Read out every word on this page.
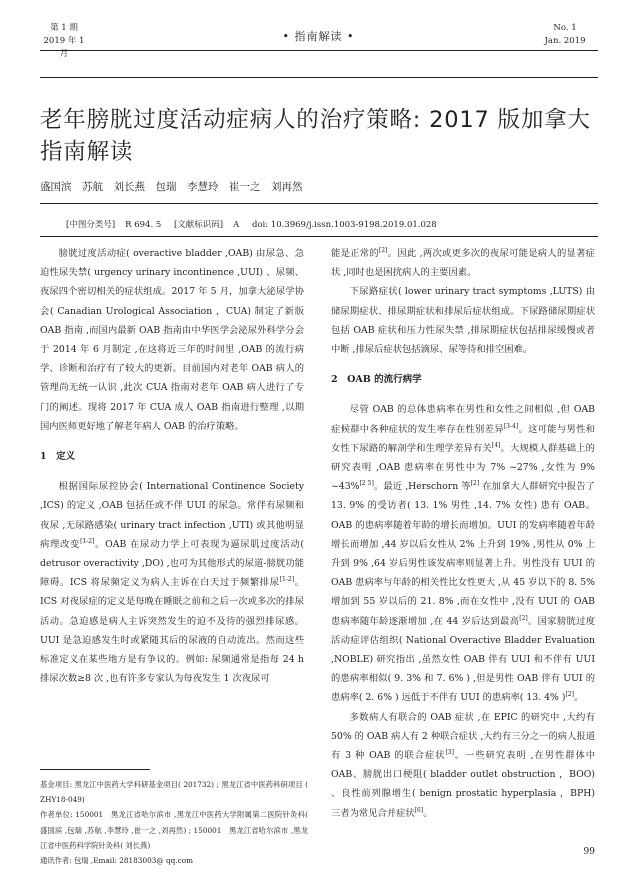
第 1 期
2019 年 1 月
• 指南解读 •
No. 1
Jan. 2019
老年膀胱过度活动症病人的治疗策略: 2017 版加拿大指南解读
盛国滨　苏航　刘长燕　包瑞　李慧玲　崔一之　刘再然
[中图分类号] R 694. 5 [文献标识码] A doi: 10.3969/j.issn.1003-9198.2019.01.028

膀胱过度活动症( overactive bladder ,OAB) 由尿急、急迫性尿失禁( urgency urinary incontinence ,UUI) 、尿频、夜尿四个密切相关的症状组成。2017 年 5 月，加拿大泌尿学协会( Canadian Urological Association ，CUA) 制定了新版 OAB 指南 ,而国内最新 OAB 指南由中华医学会泌尿外科学分会于 2014 年 6 月制定 ,在这将近三年的时间里 ,OAB 的流行病学、诊断和治疗有了较大的更新。目前国内对老年 OAB 病人的管理尚无统一认识 ,此次 CUA 指南对老年 OAB 病人进行了专门的阐述。现将 2017 年 CUA 成人 OAB 指南进行整理 ,以期国内医师更好地了解老年病人 OAB 的治疗策略。

1　定义

根据国际尿控协会( International Continence Society ,ICS) 的定义 ,OAB 包括任或不伴 UUI 的尿急。常伴有尿频和夜尿 ,无尿路感染( urinary tract infection ,UTI) 或其他明显病理改变[1-2]。OAB 在尿动力学上可表现为逼尿肌过度活动( detrusor overactivity ,DO) ,也可为其他形式的尿道-膀胱功能障碍。ICS 将尿频定义为病人主诉在白天过于频繁排尿[1-2]。ICS 对夜尿症的定义是每晚在睡眠之前和之后一次或多次的排尿活动。急迫感是病人主诉突然发生的迫不及待的强烈排尿感。UUI 是急迫感发生时或紧随其后的尿液的自动流出。然而这些标准定义在某些地方是有争议的。例如: 尿频通常是指每 24 h 排尿次数≥8 次 ,也有许多专家认为每夜发生 1 次夜尿可

能是正常的[2]。因此 ,两次或更多次的夜尿可能是病人的显著症状 ,同时也是困扰病人的主要因素。

下尿路症状( lower urinary tract symptoms ,LUTS) 由储尿期症状、排尿期症状和排尿后症状组成。下尿路储尿期症状包括 OAB 症状和压力性尿失禁 ,排尿期症状包括排尿缓慢或者中断 ,排尿后症状包括滴尿、尿等待和排空困难。

2　OAB 的流行病学

尽管 OAB 的总体患病率在男性和女性之间相似 ,但 OAB 症候群中各种症状的发生率存在性别差异[3-4]。这可能与男性和女性下尿路的解剖学和生理学差异有关[4]。大规模人群基础上的研究表明 ,OAB 患病率在男性中为 7% ~27% ,女性为 9% ~43%[2 5]。最近 ,Herschorn 等[2] 在加拿大人群研究中报告了 13. 9% 的受访者( 13. 1% 男性 ,14. 7% 女性) 患有 OAB。OAB 的患病率随着年龄的增长而增加。UUI 的发病率随着年龄增长而增加 ,44 岁以后女性从 2% 上升到 19% ,男性从 0% 上升到 9% ,64 岁后男性该发病率则显著上升。男性没有 UUI 的 OAB 患病率与年龄的相关性比女性更大 ,从 45 岁以下的 8. 5% 增加到 55 岁以后的 21. 8% ,而在女性中 ,没有 UUI 的 OAB 患病率随年龄逐渐增加 ,在 44 岁后达到最高[2]。国家膀胱过度活动症评估组织( National Overactive Bladder Evaluation ,NOBLE) 研究指出 ,虽然女性 OAB 伴有 UUI 和不伴有 UUI 的患病率相似( 9. 3% 和 7. 6% ) ,但是男性 OAB 伴有 UUI 的患病率( 2. 6% ) 远低于不伴有 UUI 的患病率( 13. 4% )[2]。

多数病人有联合的 OAB 症状 ,在 EPIC 的研究中 ,大约有 50% 的 OAB 病人有 2 种联合症状 ,大约有三分之一的病人报道有 3 种 OAB 的联合症状[3]。一些研究表明 ,在男性群体中 OAB、膀胱出口梗阻( bladder outlet obstruction ，BOO) 、良性前列腺增生( benign prostatic hyperplasia ，BPH) 三者为常见合并症状[6]。

基金项目: 黑龙江中医药大学科研基金项目( 201732) ; 黑龙江省中医药科研项目 ( ZHY18-049)
作者单位: 150001　黑龙江省哈尔滨市 ,黑龙江中医药大学附属第二医院针灸科( 盛国滨 ,包瑞 ,苏航 ,李慧玲 ,崔一之 ,刘再然) ; 150001　黑龙江省哈尔滨市 ,黑龙江省中医药科学院针灸科( 刘长燕)
通讯作者: 包瑞 ,Email: 28183003@ qq.com
99
